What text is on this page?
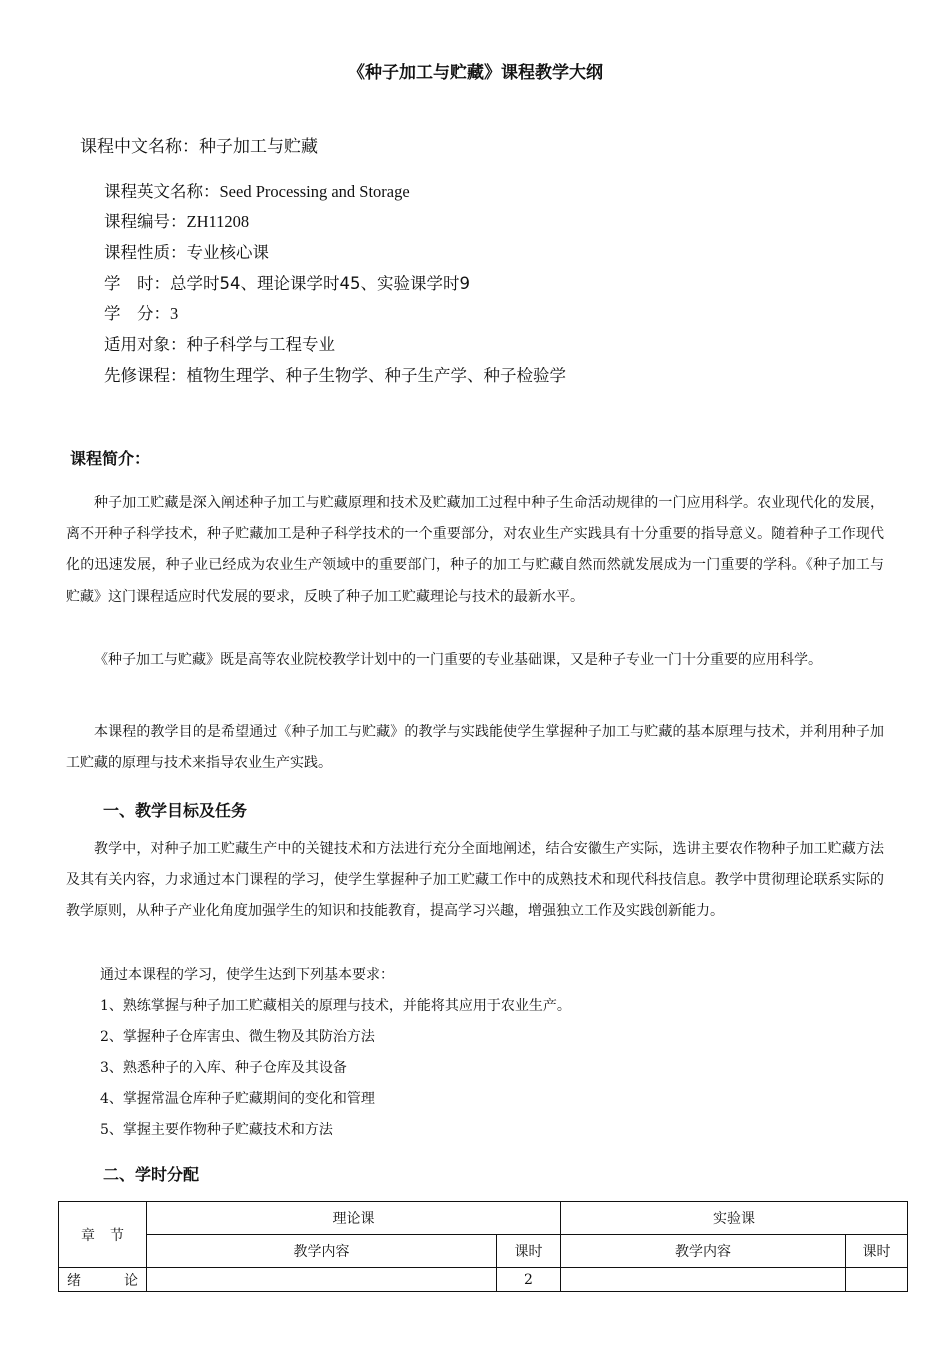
《种子加工与贮藏》课程教学大纲
课程中文名称：种子加工与贮藏
课程英文名称：Seed Processing and Storage
课程编号：ZH11208
课程性质：专业核心课
学　时：总学时54、理论课学时45、实验课学时9
学　分：3
适用对象：种子科学与工程专业
先修课程：植物生理学、种子生物学、种子生产学、种子检验学
课程简介：

种子加工贮藏是深入阐述种子加工与贮藏原理和技术及贮藏加工过程中种子生命活动规律的一门应用科学。农业现代化的发展，离不开种子科学技术，种子贮藏加工是种子科学技术的一个重要部分，对农业生产实践具有十分重要的指导意义。随着种子工作现代化的迅速发展，种子业已经成为农业生产领域中的重要部门，种子的加工与贮藏自然而然就发展成为一门重要的学科。《种子加工与贮藏》这门课程适应时代发展的要求，反映了种子加工贮藏理论与技术的最新水平。

《种子加工与贮藏》既是高等农业院校教学计划中的一门重要的专业基础课，又是种子专业一门十分重要的应用科学。

本课程的教学目的是希望通过《种子加工与贮藏》的教学与实践能使学生掌握种子加工与贮藏的基本原理与技术，并利用种子加工贮藏的原理与技术来指导农业生产实践。

一、教学目标及任务

教学中，对种子加工贮藏生产中的关键技术和方法进行充分全面地阐述，结合安徽生产实际，选讲主要农作物种子加工贮藏方法及其有关内容，力求通过本门课程的学习，使学生掌握种子加工贮藏工作中的成熟技术和现代科技信息。教学中贯彻理论联系实际的教学原则，从种子产业化角度加强学生的知识和技能教育，提高学习兴趣，增强独立工作及实践创新能力。

通过本课程的学习，使学生达到下列基本要求：
1、熟练掌握与种子加工贮藏相关的原理与技术，并能将其应用于农业生产。
2、掌握种子仓库害虫、微生物及其防治方法
3、熟悉种子的入库、种子仓库及其设备
4、掌握常温仓库种子贮藏期间的变化和管理
5、掌握主要作物种子贮藏技术和方法
二、学时分配
章节	理论课		实验课	
	教学内容	课时	教学内容	课时
绪论		2		
